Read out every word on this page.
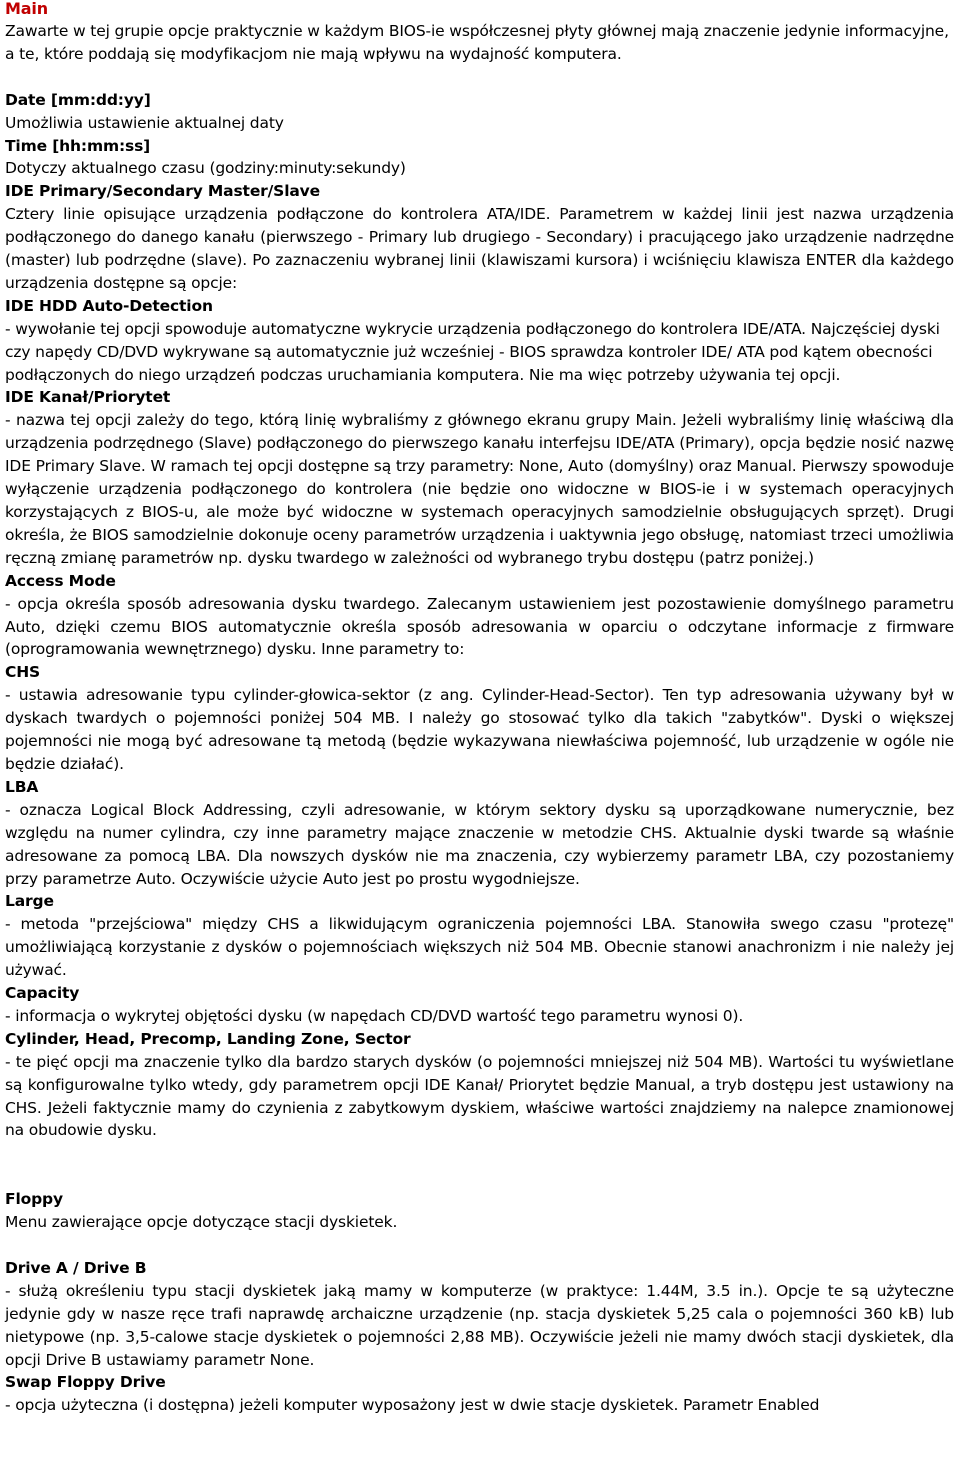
Main

Zawarte w tej grupie opcje praktycznie w każdym BIOS-ie współczesnej płyty głównej mają znaczenie jedynie informacyjne, a te, które poddają się modyfikacjom nie mają wpływu na wydajność komputera.

Date [mm:dd:yy]

Umożliwia ustawienie aktualnej daty

Time [hh:mm:ss]

Dotyczy aktualnego czasu (godziny:minuty:sekundy)

IDE Primary/Secondary Master/Slave

Cztery linie opisujące urządzenia podłączone do kontrolera ATA/IDE. Parametrem w każdej linii jest nazwa urządzenia podłączonego do danego kanału (pierwszego - Primary lub drugiego - Secondary) i pracującego jako urządzenie nadrzędne (master) lub podrzędne (slave). Po zaznaczeniu wybranej linii (klawiszami kursora) i wciśnięciu klawisza ENTER dla każdego urządzenia dostępne są opcje:

IDE HDD Auto-Detection

- wywołanie tej opcji spowoduje automatyczne wykrycie urządzenia podłączonego do kontrolera IDE/ATA. Najczęściej dyski czy napędy CD/DVD wykrywane są automatycznie już wcześniej - BIOS sprawdza kontroler IDE/ ATA pod kątem obecności podłączonych do niego urządzeń podczas uruchamiania komputera. Nie ma więc potrzeby używania tej opcji.

IDE Kanał/Priorytet

- nazwa tej opcji zależy do tego, którą linię wybraliśmy z głównego ekranu grupy Main. Jeżeli wybraliśmy linię właściwą dla urządzenia podrzędnego (Slave) podłączonego do pierwszego kanału interfejsu IDE/ATA (Primary), opcja będzie nosić nazwę IDE Primary Slave. W ramach tej opcji dostępne są trzy parametry: None, Auto (domyślny) oraz Manual. Pierwszy spowoduje wyłączenie urządzenia podłączonego do kontrolera (nie będzie ono widoczne w BIOS-ie i w systemach operacyjnych korzystających z BIOS-u, ale może być widoczne w systemach operacyjnych samodzielnie obsługujących sprzęt). Drugi określa, że BIOS samodzielnie dokonuje oceny parametrów urządzenia i uaktywnia jego obsługę, natomiast trzeci umożliwia ręczną zmianę parametrów np. dysku twardego w zależności od wybranego trybu dostępu (patrz poniżej.)

Access Mode

- opcja określa sposób adresowania dysku twardego. Zalecanym ustawieniem jest pozostawienie domyślnego parametru Auto, dzięki czemu BIOS automatycznie określa sposób adresowania w oparciu o odczytane informacje z firmware (oprogramowania wewnętrznego) dysku. Inne parametry to:

CHS

- ustawia adresowanie typu cylinder-głowica-sektor (z ang. Cylinder-Head-Sector). Ten typ adresowania używany był w dyskach twardych o pojemności poniżej 504 MB. I należy go stosować tylko dla takich "zabytków". Dyski o większej pojemności nie mogą być adresowane tą metodą (będzie wykazywana niewłaściwa pojemność, lub urządzenie w ogóle nie będzie działać).

LBA

- oznacza Logical Block Addressing, czyli adresowanie, w którym sektory dysku są uporządkowane numerycznie, bez względu na numer cylindra, czy inne parametry mające znaczenie w metodzie CHS. Aktualnie dyski twarde są właśnie adresowane za pomocą LBA. Dla nowszych dysków nie ma znaczenia, czy wybierzemy parametr LBA, czy pozostaniemy przy parametrze Auto. Oczywiście użycie Auto jest po prostu wygodniejsze.

Large

- metoda "przejściowa" między CHS a likwidującym ograniczenia pojemności LBA. Stanowiła swego czasu "protezę" umożliwiającą korzystanie z dysków o pojemnościach większych niż 504 MB. Obecnie stanowi anachronizm i nie należy jej używać.

Capacity

- informacja o wykrytej objętości dysku (w napędach CD/DVD wartość tego parametru wynosi 0).

Cylinder, Head, Precomp, Landing Zone, Sector

- te pięć opcji ma znaczenie tylko dla bardzo starych dysków (o pojemności mniejszej niż 504 MB). Wartości tu wyświetlane są konfigurowalne tylko wtedy, gdy parametrem opcji IDE Kanał/ Priorytet będzie Manual, a tryb dostępu jest ustawiony na CHS. Jeżeli faktycznie mamy do czynienia z zabytkowym dyskiem, właściwe wartości znajdziemy na nalepce znamionowej na obudowie dysku.

Floppy

Menu zawierające opcje dotyczące stacji dyskietek.

Drive A / Drive B

- służą określeniu typu stacji dyskietek jaką mamy w komputerze (w praktyce: 1.44M, 3.5 in.). Opcje te są użyteczne jedynie gdy w nasze ręce trafi naprawdę archaiczne urządzenie (np. stacja dyskietek 5,25 cala o pojemności 360 kB) lub nietypowe (np. 3,5-calowe stacje dyskietek o pojemności 2,88 MB). Oczywiście jeżeli nie mamy dwóch stacji dyskietek, dla opcji Drive B ustawiamy parametr None.

Swap Floppy Drive

- opcja użyteczna (i dostępna) jeżeli komputer wyposażony jest w dwie stacje dyskietek. Parametr Enabled
